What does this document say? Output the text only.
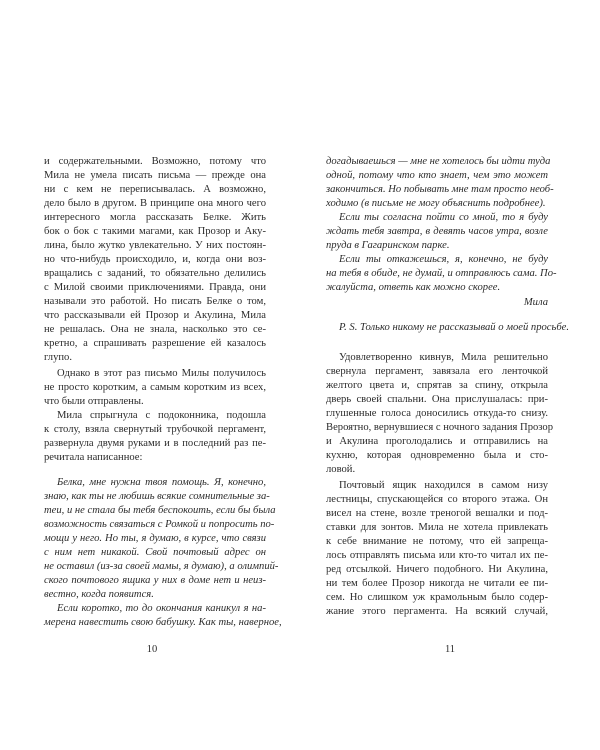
и содержательными. Возможно, потому что
Мила не умела писать письма — прежде она
ни с кем не переписывалась. А возможно,
дело было в другом. В принципе она много чего
интересного могла рассказать Белке. Жить
бок о бок с такими магами, как Прозор и Аку-
лина, было жутко увлекательно. У них постоян-
но что-нибудь происходило, и, когда они воз-
вращались с заданий, то обязательно делились
с Милой своими приключениями. Правда, они
называли это работой. Но писать Белке о том,
что рассказывали ей Прозор и Акулина, Мила
не решалась. Она не знала, насколько это се-
кретно, а спрашивать разрешение ей казалось
глупо.
Однако в этот раз письмо Милы получилось
не просто коротким, а самым коротким из всех,
что были отправлены.
Мила спрыгнула с подоконника, подошла
к столу, взяла свернутый трубочкой пергамент,
развернула двумя руками и в последний раз пе-
речитала написанное:
Белка, мне нужна твоя помощь. Я, конечно,
знаю, как ты не любишь всякие сомнительные за-
теи, и не стала бы тебя беспокоить, если бы была
возможность связаться с Ромкой и попросить по-
мощи у него. Но ты, я думаю, в курсе, что связи
с ним нет никакой. Свой почтовый адрес он
не оставил (из-за своей мамы, я думаю), а олимпий-
ского почтового ящика у них в доме нет и неиз-
вестно, когда появится.
Если коротко, то до окончания каникул я на-
мерена навестить свою бабушку. Как ты, наверное,
10
догадываешься — мне не хотелось бы идти туда
одной, потому что кто знает, чем это может
закончиться. Но побывать мне там просто необ-
ходимо (в письме не могу объяснить подробнее).
Если ты согласна пойти со мной, то я буду
ждать тебя завтра, в девять часов утра, возле
пруда в Гагаринском парке.
Если ты откажешься, я, конечно, не буду
на тебя в обиде, не думай, и отправлюсь сама. По-
жалуйста, ответь как можно скорее.
Мила
P. S. Только никому не рассказывай о моей просьбе.
Удовлетворенно кивнув, Мила решительно
свернула пергамент, завязала его ленточкой
желтого цвета и, спрятав за спину, открыла
дверь своей спальни. Она прислушалась: при-
глушенные голоса доносились откуда-то снизу.
Вероятно, вернувшиеся с ночного задания Прозор
и Акулина проголодались и отправились на
кухню, которая одновременно была и сто-
ловой.
Почтовый ящик находился в самом низу
лестницы, спускающейся со второго этажа. Он
висел на стене, возле треногой вешалки и под-
ставки для зонтов. Мила не хотела привлекать
к себе внимание не потому, что ей запреща-
лось отправлять письма или кто-то читал их пе-
ред отсылкой. Ничего подобного. Ни Акулина,
ни тем более Прозор никогда не читали ее пи-
сем. Но слишком уж крамольным было содер-
жание этого пергамента. На всякий случай,
11
